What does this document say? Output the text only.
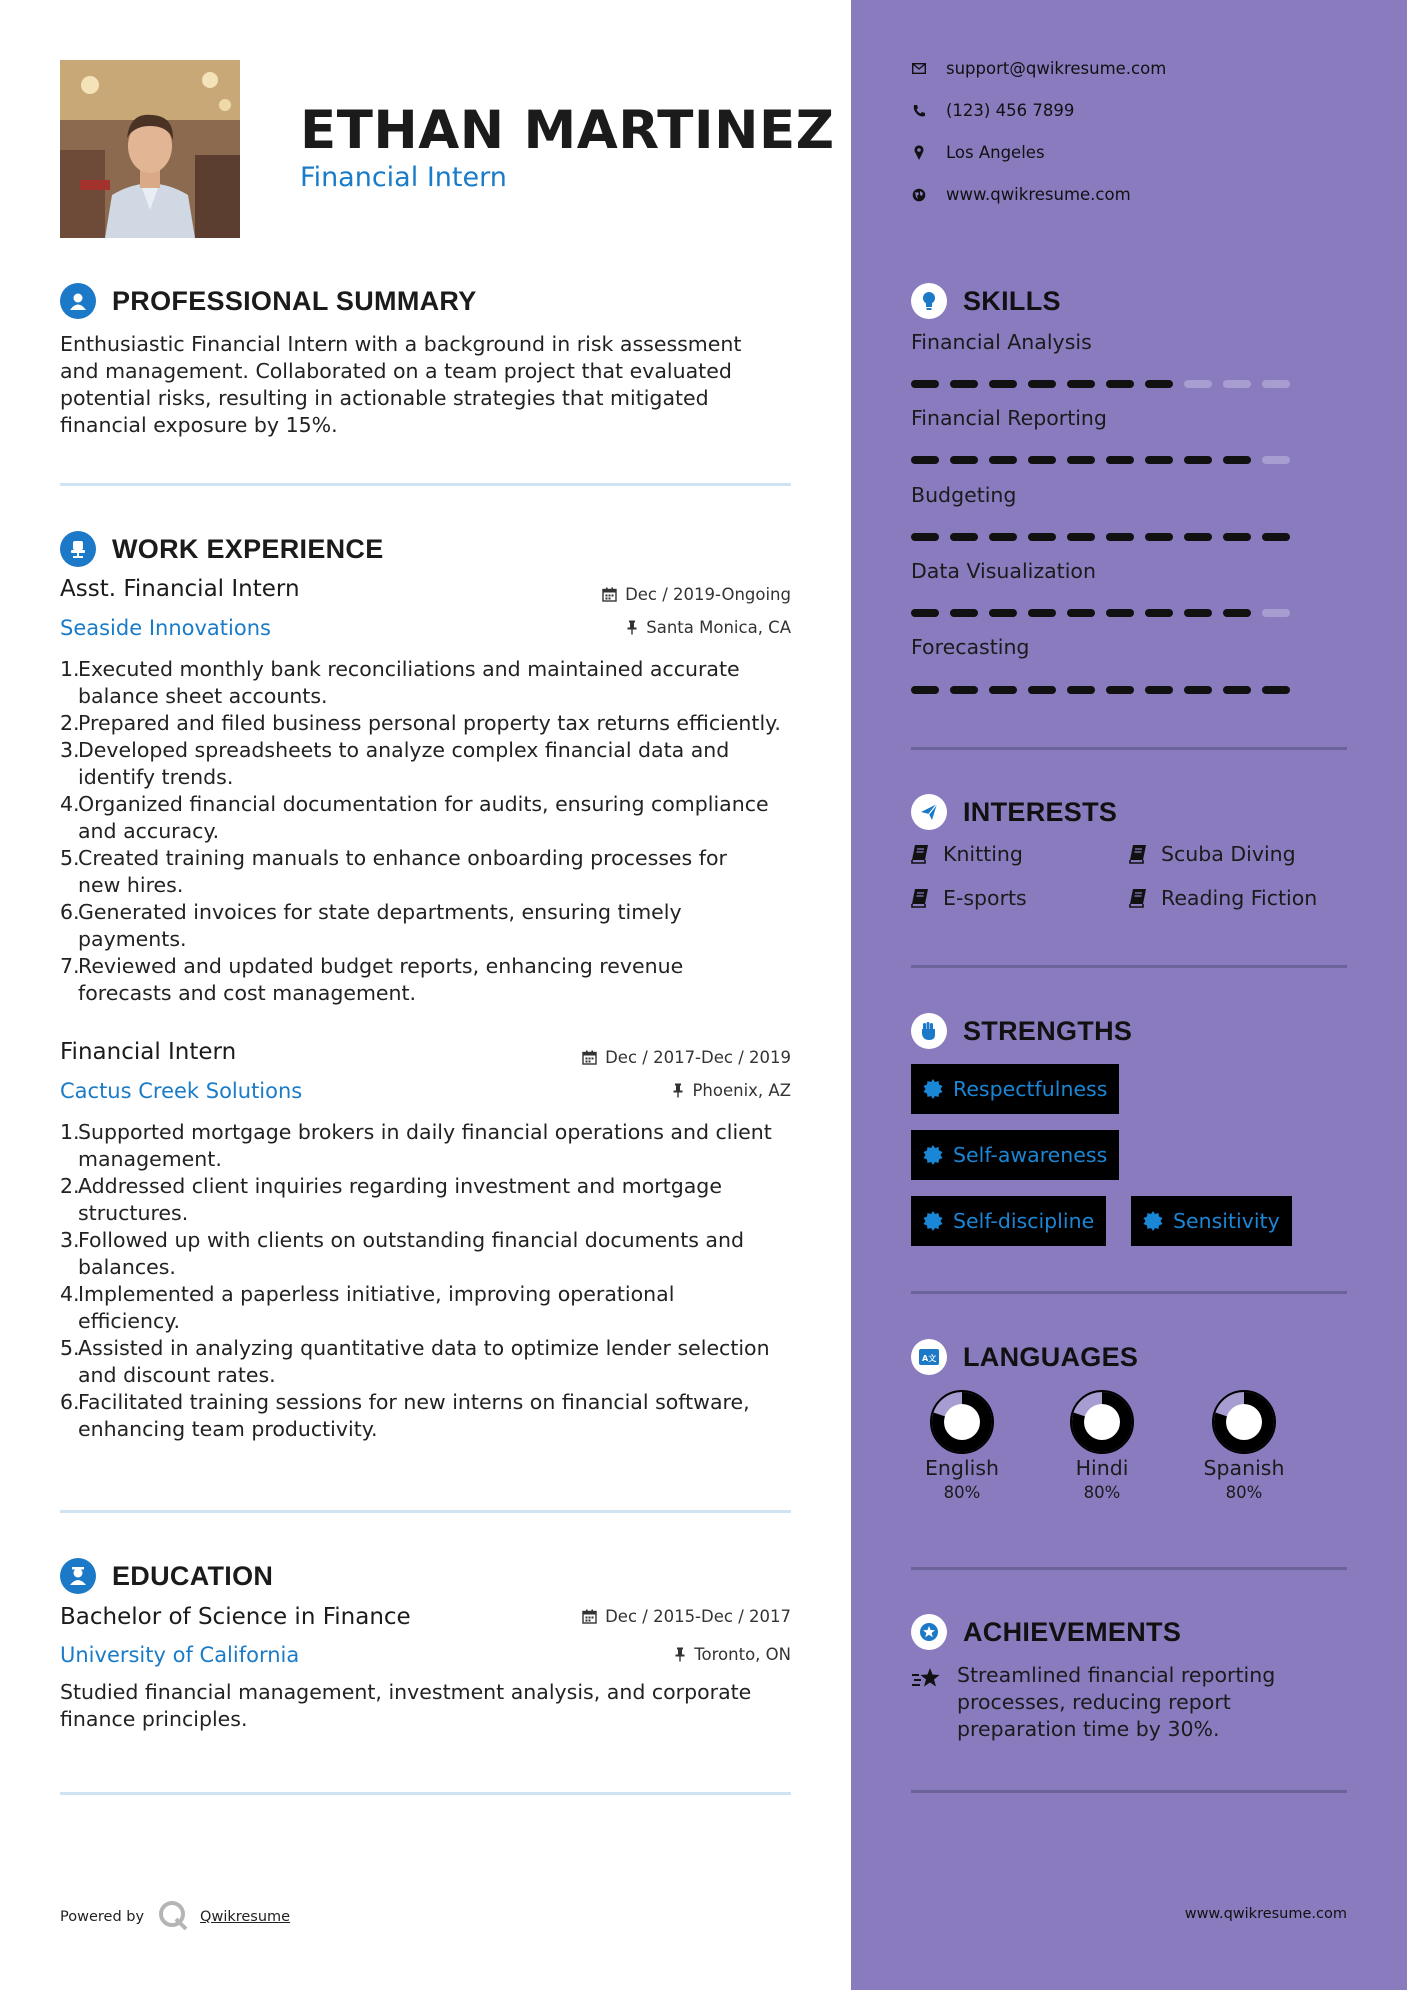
ETHAN MARTINEZ
Financial Intern
PROFESSIONAL SUMMARY
Enthusiastic Financial Intern with a background in risk assessment
and management. Collaborated on a team project that evaluated
potential risks, resulting in actionable strategies that mitigated
financial exposure by 15%.
WORK EXPERIENCE
Asst. Financial Intern	Dec / 2019-Ongoing
Seaside Innovations	Santa Monica, CA
1.
Executed monthly bank reconciliations and maintained accurate
balance sheet accounts.
2.
Prepared and filed business personal property tax returns efficiently.
3.
Developed spreadsheets to analyze complex financial data and
identify trends.
4.
Organized financial documentation for audits, ensuring compliance
and accuracy.
5.
Created training manuals to enhance onboarding processes for
new hires.
6.
Generated invoices for state departments, ensuring timely
payments.
7.
Reviewed and updated budget reports, enhancing revenue
forecasts and cost management.
Financial Intern	Dec / 2017-Dec / 2019
Cactus Creek Solutions	Phoenix, AZ
1.
Supported mortgage brokers in daily financial operations and client
management.
2.
Addressed client inquiries regarding investment and mortgage
structures.
3.
Followed up with clients on outstanding financial documents and
balances.
4.
Implemented a paperless initiative, improving operational
efficiency.
5.
Assisted in analyzing quantitative data to optimize lender selection
and discount rates.
6.
Facilitated training sessions for new interns on financial software,
enhancing team productivity.
EDUCATION
Bachelor of Science in Finance	Dec / 2015-Dec / 2017
University of California	Toronto, ON
Studied financial management, investment analysis, and corporate
finance principles.
Powered by	Qwikresume
support@qwikresume.com
(123) 456 7899
Los Angeles
www.qwikresume.com
SKILLS
Financial Analysis
Financial Reporting
Budgeting
Data Visualization
Forecasting
INTERESTS
Knitting	Scuba Diving
E-sports	Reading Fiction
STRENGTHS
Respectfulness
Self-awareness
Self-discipline	Sensitivity
A文 LANGUAGES
English
80%
Hindi
80%
Spanish
80%
ACHIEVEMENTS
Streamlined financial reporting
processes, reducing report
preparation time by 30%.
www.qwikresume.com
